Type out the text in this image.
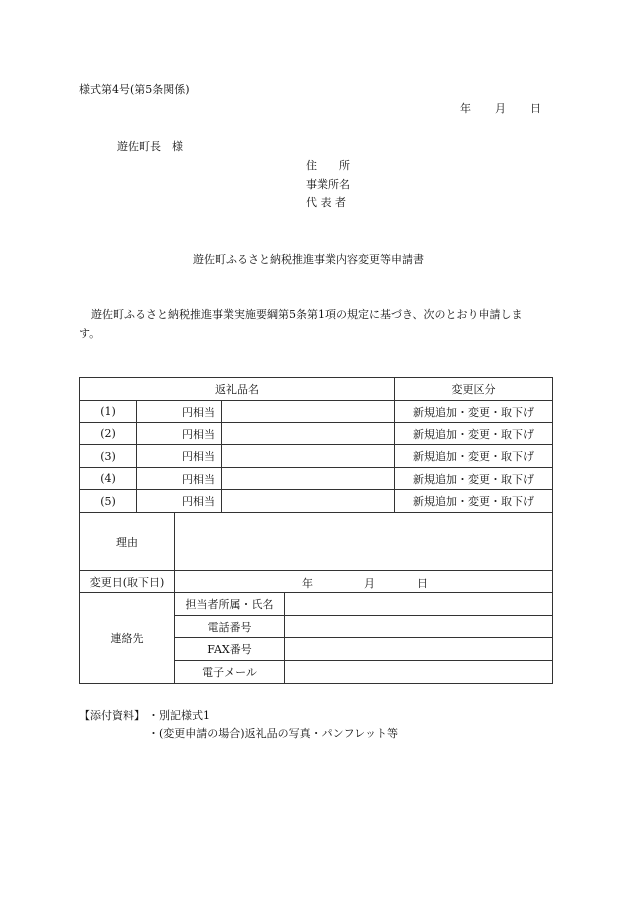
様式第4号(第5条関係)
年 月 日
遊佐町長　様
住　　所
事業所名
代 表 者
遊佐町ふるさと納税推進事業内容変更等申請書
遊佐町ふるさと納税推進事業実施要綱第5条第1項の規定に基づき、次のとおり申請しま
す。
返礼品名					変更区分
(1)	円相当				新規追加・変更・取下げ
(2)	円相当				新規追加・変更・取下げ
(3)	円相当				新規追加・変更・取下げ
(4)	円相当				新規追加・変更・取下げ
(5)	円相当				新規追加・変更・取下げ
理由					
変更日(取下日)		年 月 日			

連絡先		担当者所属・氏名			
		電話番号			
		FAX番号			
		電子メール			
【添付資料】 ・別記様式1
・(変更申請の場合)返礼品の写真・パンフレット等
